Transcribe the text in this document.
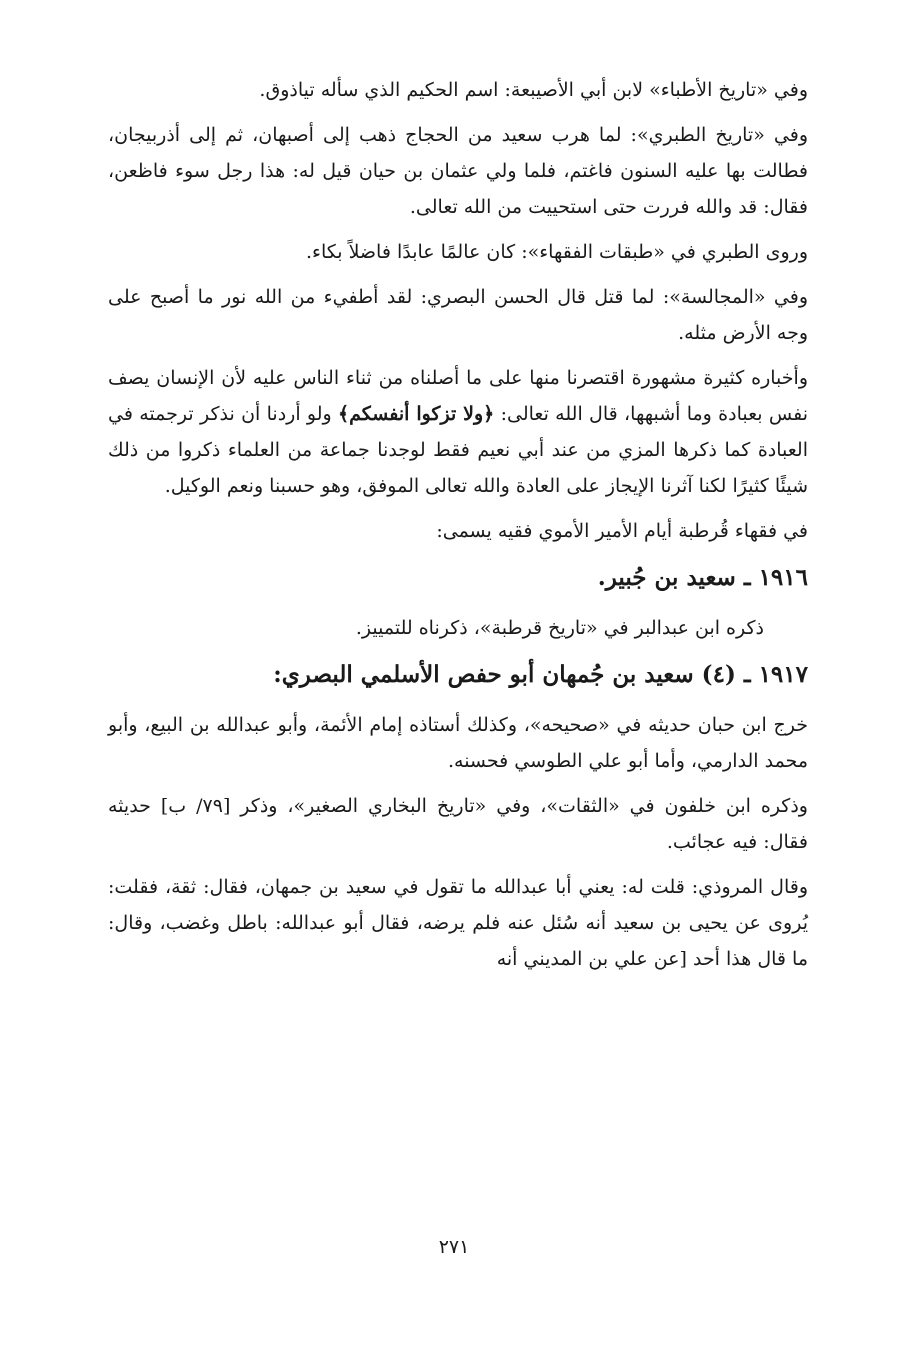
وفي «تاريخ الأطباء» لابن أبي الأصيبعة: اسم الحكيم الذي سأله تياذوق.

وفي «تاريخ الطبري»: لما هرب سعيد من الحجاج ذهب إلى أصبهان، ثم إلى أذربيجان، فطالت بها عليه السنون فاغتم، فلما ولي عثمان بن حيان قيل له: هذا رجل سوء فاظعن، فقال: قد والله فررت حتى استحييت من الله تعالى.

وروى الطبري في «طبقات الفقهاء»: كان عالمًا عابدًا فاضلاً بكاء.

وفي «المجالسة»: لما قتل قال الحسن البصري: لقد أطفيء من الله نور ما أصبح على وجه الأرض مثله.

وأخباره كثيرة مشهورة اقتصرنا منها على ما أصلناه من ثناء الناس عليه لأن الإنسان يصف نفس بعبادة وما أشبهها، قال الله تعالى: ﴿ولا تزكوا أنفسكم﴾ ولو أردنا أن نذكر ترجمته في العبادة كما ذكرها المزي من عند أبي نعيم فقط لوجدنا جماعة من العلماء ذكروا من ذلك شيئًا كثيرًا لكنا آثرنا الإيجاز على العادة والله تعالى الموفق، وهو حسبنا ونعم الوكيل.

في فقهاء قُرطبة أيام الأمير الأموي فقيه يسمى:

١٩١٦ ـ سعيد بن جُبير.

ذكره ابن عبدالبر في «تاريخ قرطبة»، ذكرناه للتمييز.

١٩١٧ ـ (٤) سعيد بن جُمهان أبو حفص الأسلمي البصري:

خرج ابن حبان حديثه في «صحيحه»، وكذلك أستاذه إمام الأئمة، وأبو عبدالله بن البيع، وأبو محمد الدارمي، وأما أبو علي الطوسي فحسنه.

وذكره ابن خلفون في «الثقات»، وفي «تاريخ البخاري الصغير»، وذكر [٧٩/ ب] حديثه فقال: فيه عجائب.

وقال المروذي: قلت له: يعني أبا عبدالله ما تقول في سعيد بن جمهان، فقال: ثقة، فقلت: يُروى عن يحيى بن سعيد أنه سُئل عنه فلم يرضه، فقال أبو عبدالله: باطل وغضب، وقال: ما قال هذا أحد [عن علي بن المديني أنه

٢٧١
